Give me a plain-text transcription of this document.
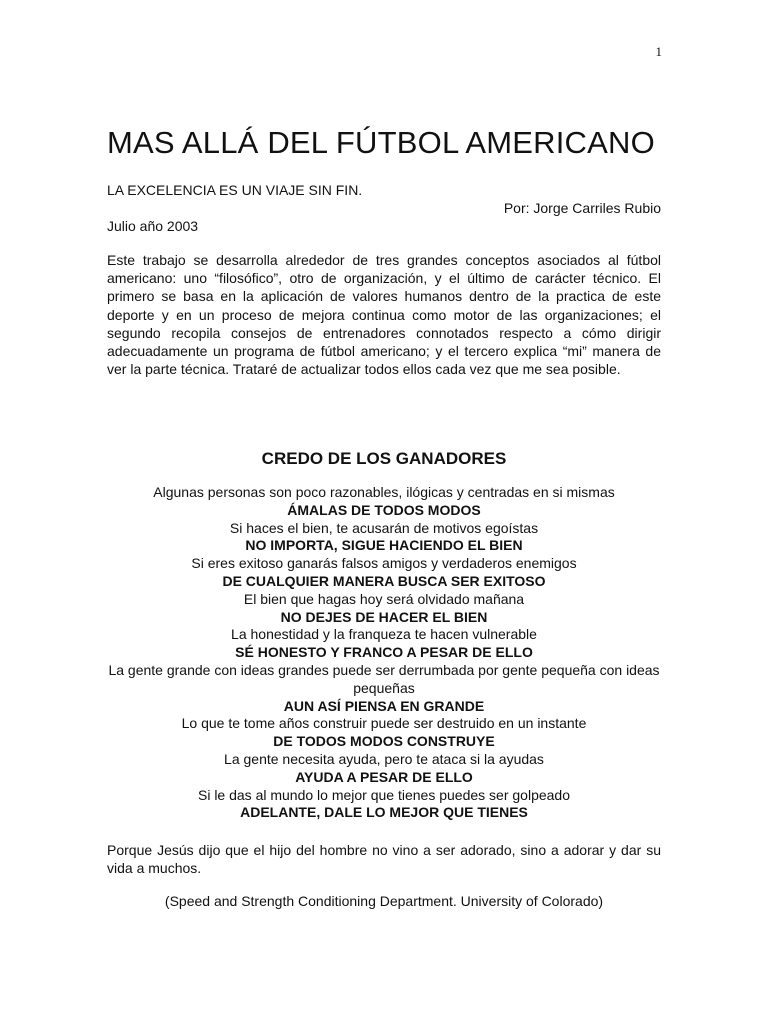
1
MAS ALLÁ DEL FÚTBOL AMERICANO
LA EXCELENCIA ES UN VIAJE SIN FIN.
Por: Jorge Carriles Rubio
Julio año 2003

Este trabajo se desarrolla alrededor de tres grandes conceptos asociados al fútbol americano: uno “filosófico”, otro de organización, y el último de carácter técnico. El primero se basa en la aplicación de valores humanos dentro de la practica de este deporte y en un proceso de mejora continua como motor de las organizaciones; el segundo recopila consejos de entrenadores connotados respecto a cómo dirigir adecuadamente un programa de fútbol americano; y el tercero explica “mi” manera de ver la parte técnica. Trataré de actualizar todos ellos cada vez que me sea posible.

CREDO DE LOS GANADORES
Algunas personas son poco razonables, ilógicas y centradas en si mismas
ÁMALAS DE TODOS MODOS
Si haces el bien, te acusarán de motivos egoístas
NO IMPORTA, SIGUE HACIENDO EL BIEN
Si eres exitoso ganarás falsos amigos y verdaderos enemigos
DE CUALQUIER MANERA BUSCA SER EXITOSO
El bien que hagas hoy será olvidado mañana
NO DEJES DE HACER EL BIEN
La honestidad y la franqueza te hacen vulnerable
SÉ HONESTO Y FRANCO A PESAR DE ELLO
La gente grande con ideas grandes puede ser derrumbada por gente pequeña con ideas pequeñas
AUN ASÍ PIENSA EN GRANDE
Lo que te tome años construir puede ser destruido en un instante
DE TODOS MODOS CONSTRUYE
La gente necesita ayuda, pero te ataca si la ayudas
AYUDA A PESAR DE ELLO
Si le das al mundo lo mejor que tienes puedes ser golpeado
ADELANTE, DALE LO MEJOR QUE TIENES

Porque Jesús dijo que el hijo del hombre no vino a ser adorado, sino a adorar y dar su vida a muchos.

(Speed and Strength Conditioning Department. University of Colorado)
